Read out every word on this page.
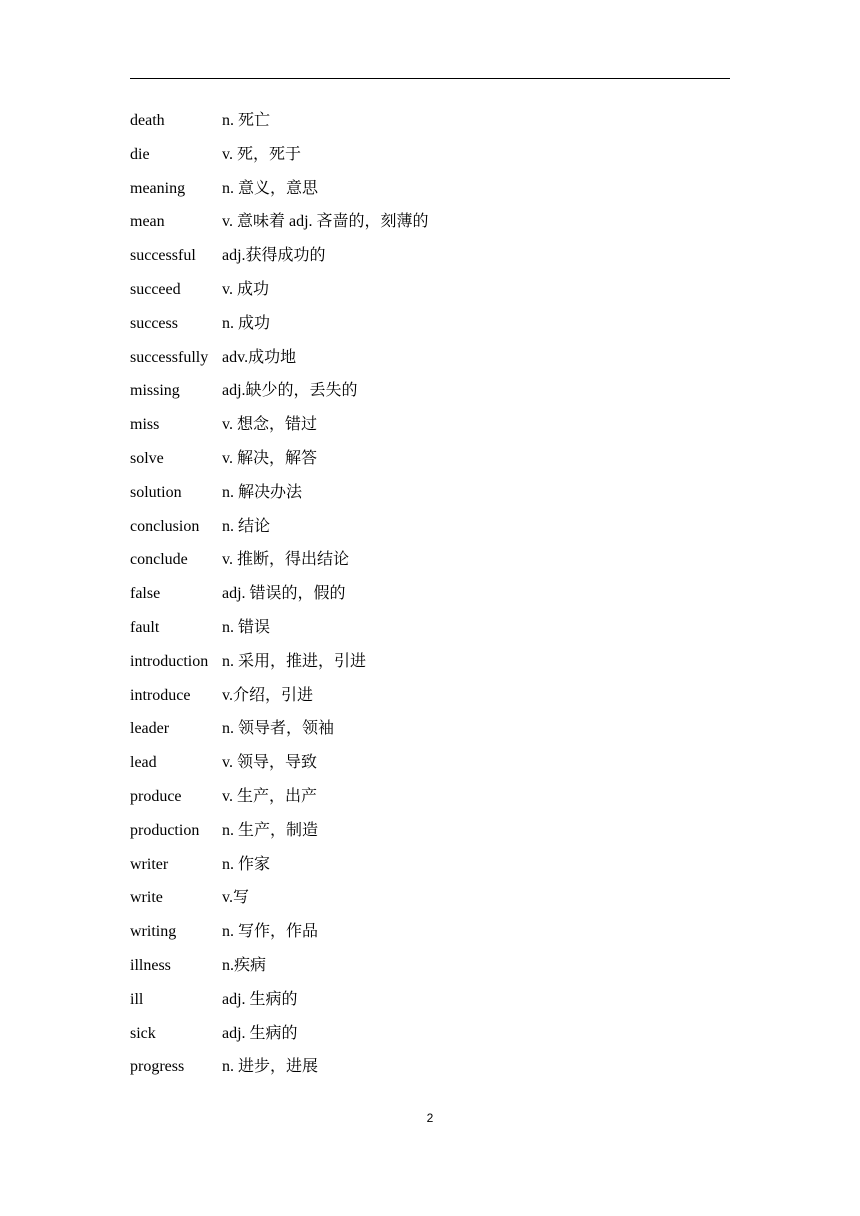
death	n. 死亡
die	v. 死，死于
meaning	n. 意义，意思
mean	v. 意味着 adj. 吝啬的，刻薄的
successful	adj.获得成功的
succeed	v. 成功
success	n. 成功
successfully adv.成功地
missing	adj.缺少的，丢失的
miss	v. 想念，错过
solve	v. 解决，解答
solution	n. 解决办法
conclusion	n. 结论
conclude	v. 推断，得出结论
false	adj. 错误的，假的
fault	n. 错误
introduction n. 采用，推进，引进
introduce	v.介绍，引进
leader	n. 领导者，领袖
lead	v. 领导，导致
produce	v. 生产，出产
production	n. 生产，制造
writer	n. 作家
write	v.写
writing	n. 写作，作品
illness	n.疾病
ill	adj. 生病的
sick	adj. 生病的
progress	n. 进步，进展
2
